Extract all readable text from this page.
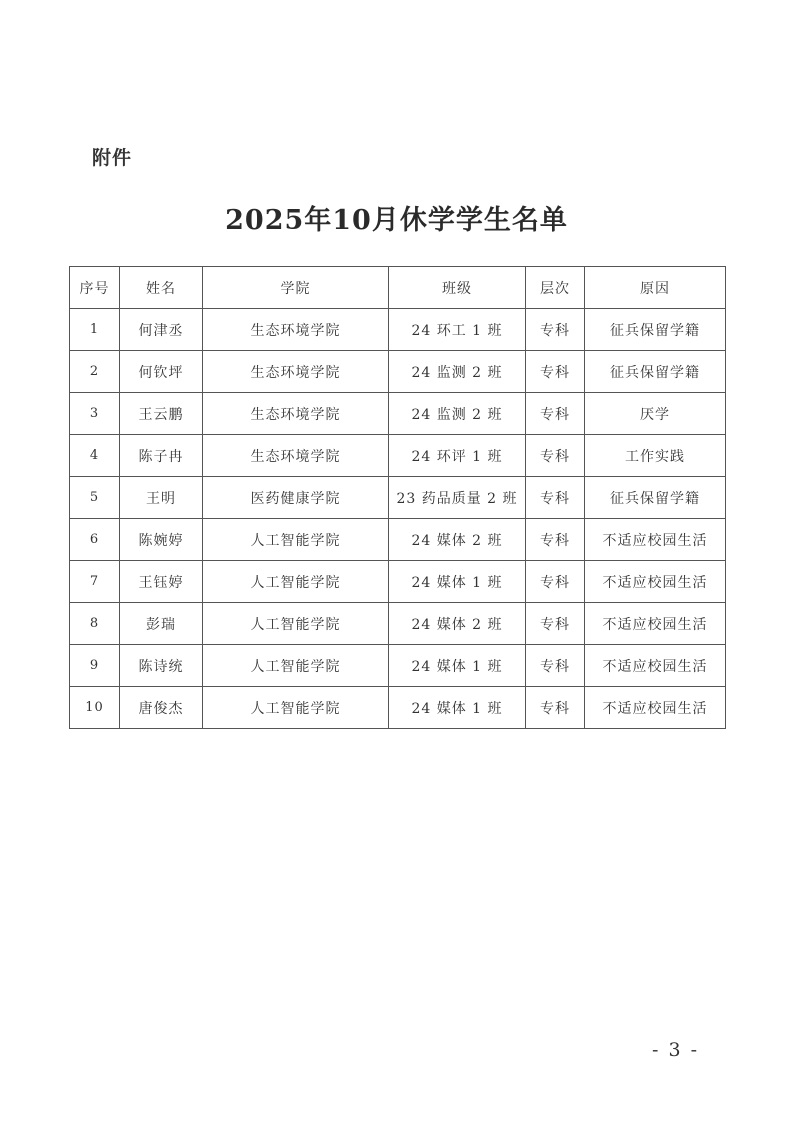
附件
2025年10月休学学生名单
序号	姓名	学院	班级	层次	原因
1	何津丞	生态环境学院	24 环工 1 班	专科	征兵保留学籍
2	何钦坪	生态环境学院	24 监测 2 班	专科	征兵保留学籍
3	王云鹏	生态环境学院	24 监测 2 班	专科	厌学
4	陈子冉	生态环境学院	24 环评 1 班	专科	工作实践
5	王明	医药健康学院	23 药品质量 2 班	专科	征兵保留学籍
6	陈婉婷	人工智能学院	24 媒体 2 班	专科	不适应校园生活
7	王钰婷	人工智能学院	24 媒体 1 班	专科	不适应校园生活
8	彭瑞	人工智能学院	24 媒体 2 班	专科	不适应校园生活
9	陈诗统	人工智能学院	24 媒体 1 班	专科	不适应校园生活
10	唐俊杰	人工智能学院	24 媒体 1 班	专科	不适应校园生活
- 3 -
